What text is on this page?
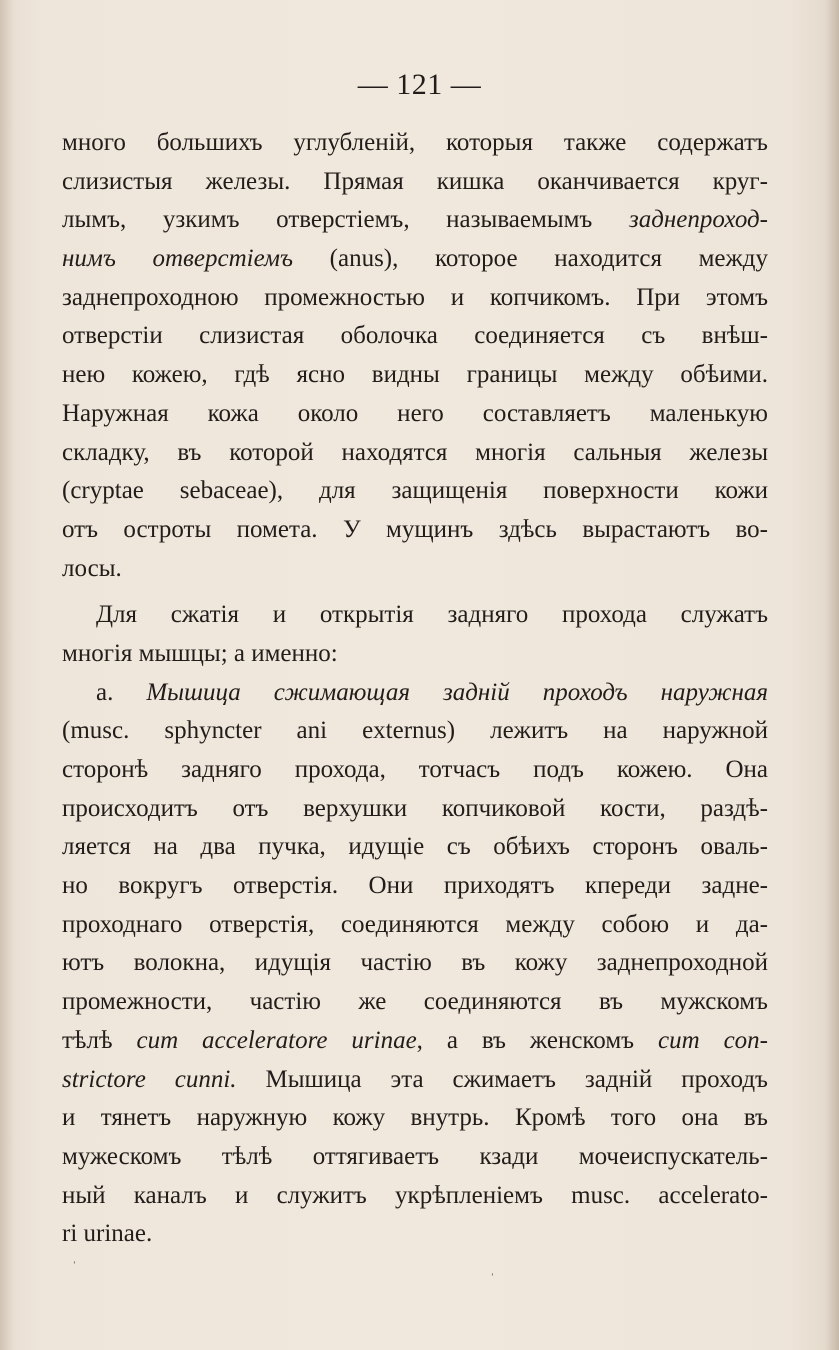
— 121 —
много большихъ углубленій, которыя также содержатъ
слизистыя железы. Прямая кишка оканчивается круг-
лымъ, узкимъ отверстіемъ, называемымъ заднепроход-
нимъ отверстіемъ (anus), которое находится между
заднепроходною промежностью и копчикомъ. При этомъ
отверстіи слизистая оболочка соединяется съ внѣш-
нею кожею, гдѣ ясно видны границы между обѣими.
Наружная кожа около него составляетъ маленькую
складку, въ которой находятся многія сальныя железы
(cryptae sebaceae), для защищенія поверхности кожи
отъ остроты помета. У мущинъ здѣсь вырастаютъ во-
лосы.
Для сжатія и открытія задняго прохода служатъ
многія мышцы; а именно:
a. Мышица сжимающая задній проходъ наружная
(musc. sphyncter ani externus) лежитъ на наружной
сторонѣ задняго прохода, тотчасъ подъ кожею. Она
происходитъ отъ верхушки копчиковой кости, раздѣ-
ляется на два пучка, идущіе съ обѣихъ сторонъ оваль-
но вокругъ отверстія. Они приходятъ кпереди задне-
проходнаго отверстія, соединяются между собою и да-
ютъ волокна, идущія частію въ кожу заднепроходной
промежности, частію же соединяются въ мужскомъ
тѣлѣ cum acceleratore urinae, а въ женскомъ cum con-
strictore cunni. Мышица эта сжимаетъ задній проходъ
и тянетъ наружную кожу внутрь. Кромѣ того она въ
мужескомъ тѣлѣ оттягиваетъ кзади мочеиспускатель-
ный каналъ и служитъ укрѣпленіемъ musc. accelerato-
ri urinae.
ˈ
ˈ
